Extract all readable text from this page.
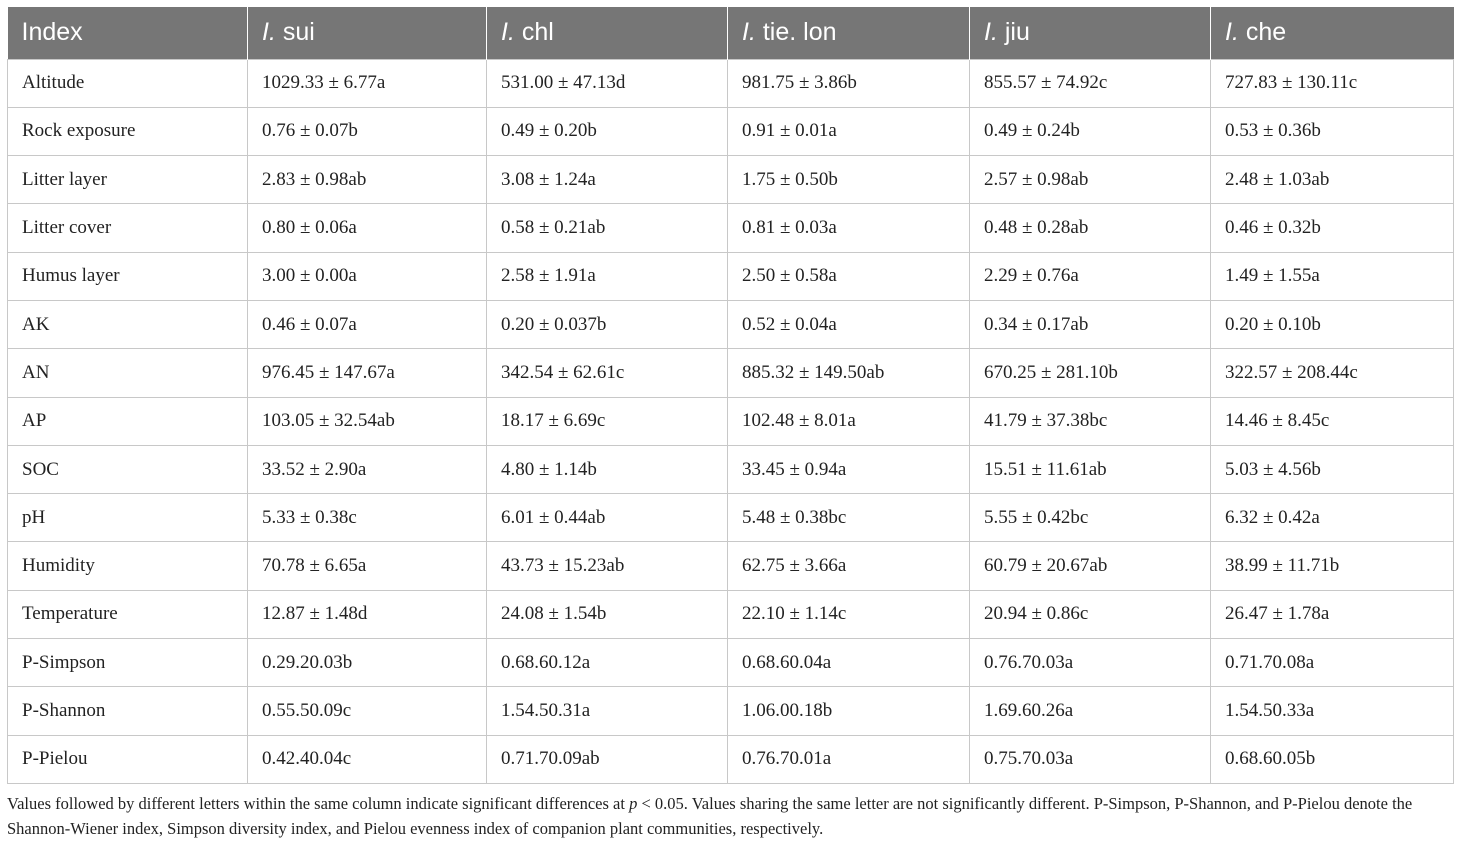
Index	I. sui	I. chl	I. tie. lon	I. jiu	I. che
Altitude	1029.33 ± 6.77a	531.00 ± 47.13d	981.75 ± 3.86b	855.57 ± 74.92c	727.83 ± 130.11c
Rock exposure	0.76 ± 0.07b	0.49 ± 0.20b	0.91 ± 0.01a	0.49 ± 0.24b	0.53 ± 0.36b
Litter layer	2.83 ± 0.98ab	3.08 ± 1.24a	1.75 ± 0.50b	2.57 ± 0.98ab	2.48 ± 1.03ab
Litter cover	0.80 ± 0.06a	0.58 ± 0.21ab	0.81 ± 0.03a	0.48 ± 0.28ab	0.46 ± 0.32b
Humus layer	3.00 ± 0.00a	2.58 ± 1.91a	2.50 ± 0.58a	2.29 ± 0.76a	1.49 ± 1.55a
AK	0.46 ± 0.07a	0.20 ± 0.037b	0.52 ± 0.04a	0.34 ± 0.17ab	0.20 ± 0.10b
AN	976.45 ± 147.67a	342.54 ± 62.61c	885.32 ± 149.50ab	670.25 ± 281.10b	322.57 ± 208.44c
AP	103.05 ± 32.54ab	18.17 ± 6.69c	102.48 ± 8.01a	41.79 ± 37.38bc	14.46 ± 8.45c
SOC	33.52 ± 2.90a	4.80 ± 1.14b	33.45 ± 0.94a	15.51 ± 11.61ab	5.03 ± 4.56b
pH	5.33 ± 0.38c	6.01 ± 0.44ab	5.48 ± 0.38bc	5.55 ± 0.42bc	6.32 ± 0.42a
Humidity	70.78 ± 6.65a	43.73 ± 15.23ab	62.75 ± 3.66a	60.79 ± 20.67ab	38.99 ± 11.71b
Temperature	12.87 ± 1.48d	24.08 ± 1.54b	22.10 ± 1.14c	20.94 ± 0.86c	26.47 ± 1.78a
P-Simpson	0.29.20.03b	0.68.60.12a	0.68.60.04a	0.76.70.03a	0.71.70.08a
P-Shannon	0.55.50.09c	1.54.50.31a	1.06.00.18b	1.69.60.26a	1.54.50.33a
P-Pielou	0.42.40.04c	0.71.70.09ab	0.76.70.01a	0.75.70.03a	0.68.60.05b
Values followed by different letters within the same column indicate significant differences at p < 0.05. Values sharing the same letter are not significantly different. P-Simpson, P-Shannon, and P-Pielou denote the Shannon-Wiener index, Simpson diversity index, and Pielou evenness index of companion plant communities, respectively.
